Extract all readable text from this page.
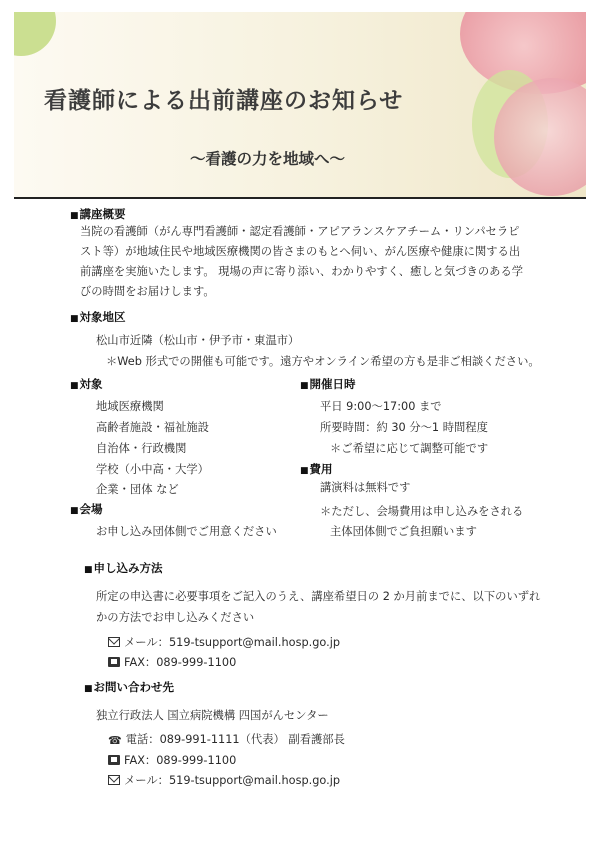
看護師による出前講座のお知らせ
〜看護の力を地域へ〜
■講座概要
当院の看護師（がん専門看護師・認定看護師・アピアランスケアチーム・リンパセラピ
スト等）が地域住民や地域医療機関の皆さまのもとへ伺い、がん医療や健康に関する出
前講座を実施いたします。 現場の声に寄り添い、わかりやすく、癒しと気づきのある学
びの時間をお届けします。
■対象地区
松山市近隣（松山市・伊予市・東温市）
＊Web 形式での開催も可能です。遠方やオンライン希望の方も是非ご相談ください。
■対象
地域医療機関
高齢者施設・福祉施設
自治体・行政機関
学校（小中高・大学）
企業・団体 など
■開催日時
平日 9:00〜17:00 まで
所要時間：約 30 分〜1 時間程度
＊ご希望に応じて調整可能です
■費用
講演料は無料です
＊ただし、会場費用は申し込みをされる
主体団体側でご負担願います
■会場
お申し込み団体側でご用意ください
■申し込み方法
所定の申込書に必要事項をご記入のうえ、講座希望日の 2 か月前までに、以下のいずれ
かの方法でお申し込みください
メール：519-tsupport@mail.hosp.go.jp
FAX：089-999-1100
■お問い合わせ先
独立行政法人 国立病院機構 四国がんセンター
☎ 電話：089-991-1111（代表） 副看護部長
FAX：089-999-1100
メール：519-tsupport@mail.hosp.go.jp
